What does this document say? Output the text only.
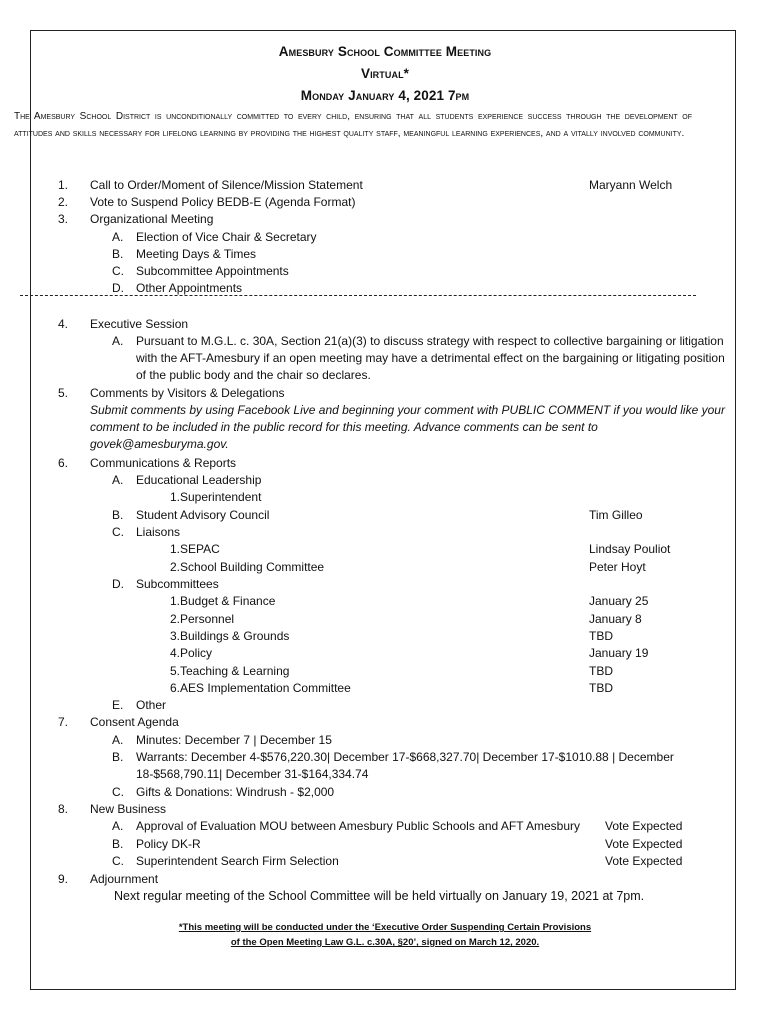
Amesbury School Committee Meeting
Virtual*
Monday January 4, 2021 7pm
The Amesbury School District is unconditionally committed to every child, ensuring that all students experience success through the development of attitudes and skills necessary for lifelong learning by providing the highest quality staff, meaningful learning experiences, and a vitally involved community.
1. Call to Order/Moment of Silence/Mission Statement	Maryann Welch
2. Vote to Suspend Policy BEDB-E (Agenda Format)
3. Organizational Meeting
A. Election of Vice Chair & Secretary
B. Meeting Days & Times
C. Subcommittee Appointments
D. Other Appointments
4. Executive Session
A. Pursuant to M.G.L. c. 30A, Section 21(a)(3) to discuss strategy with respect to collective bargaining or litigation with the AFT-Amesbury if an open meeting may have a detrimental effect on the bargaining or litigating position of the public body and the chair so declares.
5. Comments by Visitors & Delegations
Submit comments by using Facebook Live and beginning your comment with PUBLIC COMMENT if you would like your comment to be included in the public record for this meeting. Advance comments can be sent to govek@amesburyma.gov.
6. Communications & Reports
A. Educational Leadership
1.Superintendent
B. Student Advisory Council	Tim Gilleo
C. Liaisons
1.SEPAC	Lindsay Pouliot
2.School Building Committee	Peter Hoyt
D. Subcommittees
1.Budget & Finance	January 25
2.Personnel	January 8
3.Buildings & Grounds	TBD
4.Policy	January 19
5.Teaching & Learning	TBD
6.AES Implementation Committee	TBD
E. Other
7. Consent Agenda
A. Minutes: December 7 | December 15
B. Warrants: December 4-$576,220.30| December 17-$668,327.70| December 17-$1010.88 | December 18-$568,790.11| December 31-$164,334.74
C. Gifts & Donations: Windrush - $2,000
8. New Business
A. Approval of Evaluation MOU between Amesbury Public Schools and AFT Amesbury Vote Expected
B. Policy DK-R	Vote Expected
C. Superintendent Search Firm Selection	Vote Expected
9. Adjournment
Next regular meeting of the School Committee will be held virtually on January 19, 2021 at 7pm.
*This meeting will be conducted under the ‘Executive Order Suspending Certain Provisions
of the Open Meeting Law G.L. c.30A, §20’, signed on March 12, 2020.
